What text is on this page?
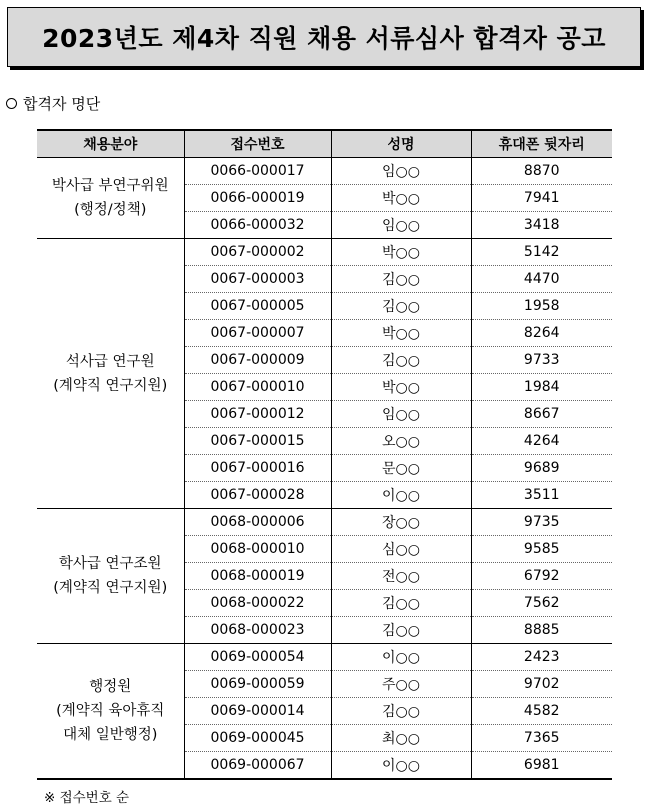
2023년도 제4차 직원 채용 서류심사 합격자 공고
합격자 명단
채용분야	접수번호	성명	휴대폰 뒷자리
박사급 부연구위원
(행정/정책)	0066-000017	임○○	8870
	0066-000019	박○○	7941
	0066-000032	임○○	3418
석사급 연구원
(계약직 연구지원)	0067-000002	박○○	5142
	0067-000003	김○○	4470
	0067-000005	김○○	1958
	0067-000007	박○○	8264
	0067-000009	김○○	9733
	0067-000010	박○○	1984
	0067-000012	임○○	8667
	0067-000015	오○○	4264
	0067-000016	문○○	9689
	0067-000028	이○○	3511
학사급 연구조원
(계약직 연구지원)	0068-000006	장○○	9735
	0068-000010	심○○	9585
	0068-000019	전○○	6792
	0068-000022	김○○	7562
	0068-000023	김○○	8885
행정원
(계약직 육아휴직
대체 일반행정)	0069-000054	이○○	2423
	0069-000059	주○○	9702
	0069-000014	김○○	4582
	0069-000045	최○○	7365
	0069-000067	이○○	6981
※ 접수번호 순
